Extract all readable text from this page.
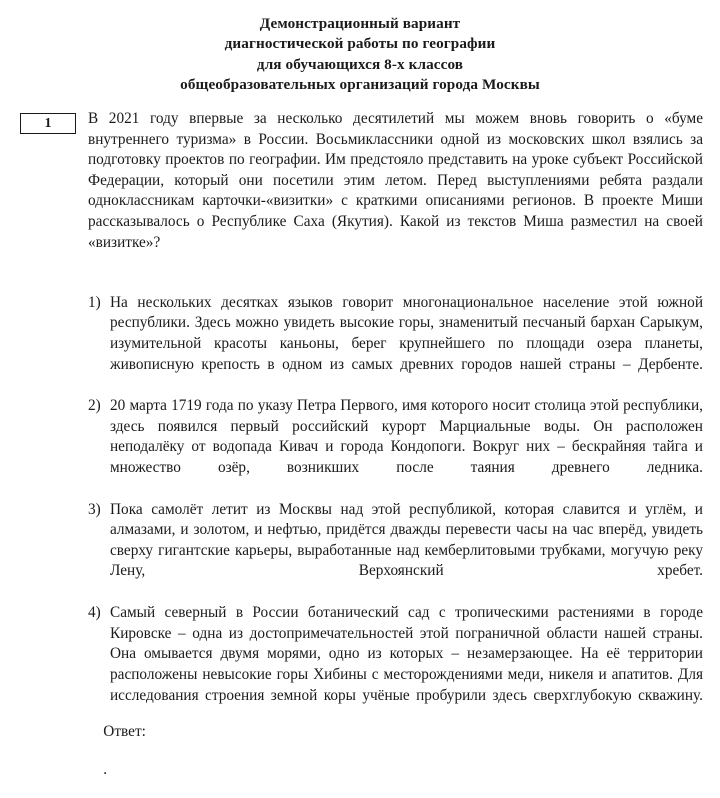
Демонстрационный вариант
диагностической работы по географии
для обучающихся 8-х классов
общеобразовательных организаций города Москвы
1 В 2021 году впервые за несколько десятилетий мы можем вновь говорить о «буме внутреннего туризма» в России. Восьмиклассники одной из московских школ взялись за подготовку проектов по географии. Им предстояло представить на уроке субъект Российской Федерации, который они посетили этим летом. Перед выступлениями ребята раздали одноклассникам карточки-«визитки» с краткими описаниями регионов. В проекте Миши рассказывалось о Республике Саха (Якутия). Какой из текстов Миша разместил на своей «визитке»?

1) На нескольких десятках языков говорит многонациональное население этой южной республики. Здесь можно увидеть высокие горы, знаменитый песчаный бархан Сарыкум, изумительной красоты каньоны, берег крупнейшего по площади озера планеты, живописную крепость в одном из самых древних городов нашей страны – Дербенте.
2) 20 марта 1719 года по указу Петра Первого, имя которого носит столица этой республики, здесь появился первый российский курорт Марциальные воды. Он расположен неподалёку от водопада Кивач и города Кондопоги. Вокруг них – бескрайняя тайга и множество озёр, возникших после таяния древнего ледника.
3) Пока самолёт летит из Москвы над этой республикой, которая славится и углём, и алмазами, и золотом, и нефтью, придётся дважды перевести часы на час вперёд, увидеть сверху гигантские карьеры, выработанные над кемберлитовыми трубками, могучую реку Лену, Верхоянский хребет.
4) Самый северный в России ботанический сад с тропическими растениями в городе Кировске – одна из достопримечательностей этой пограничной области нашей страны. Она омывается двумя морями, одно из которых – незамерзающее. На её территории расположены невысокие горы Хибины с месторождениями меди, никеля и апатитов. Для исследования строения земной коры учёные пробурили здесь сверхглубокую скважину.

Ответ:

.
